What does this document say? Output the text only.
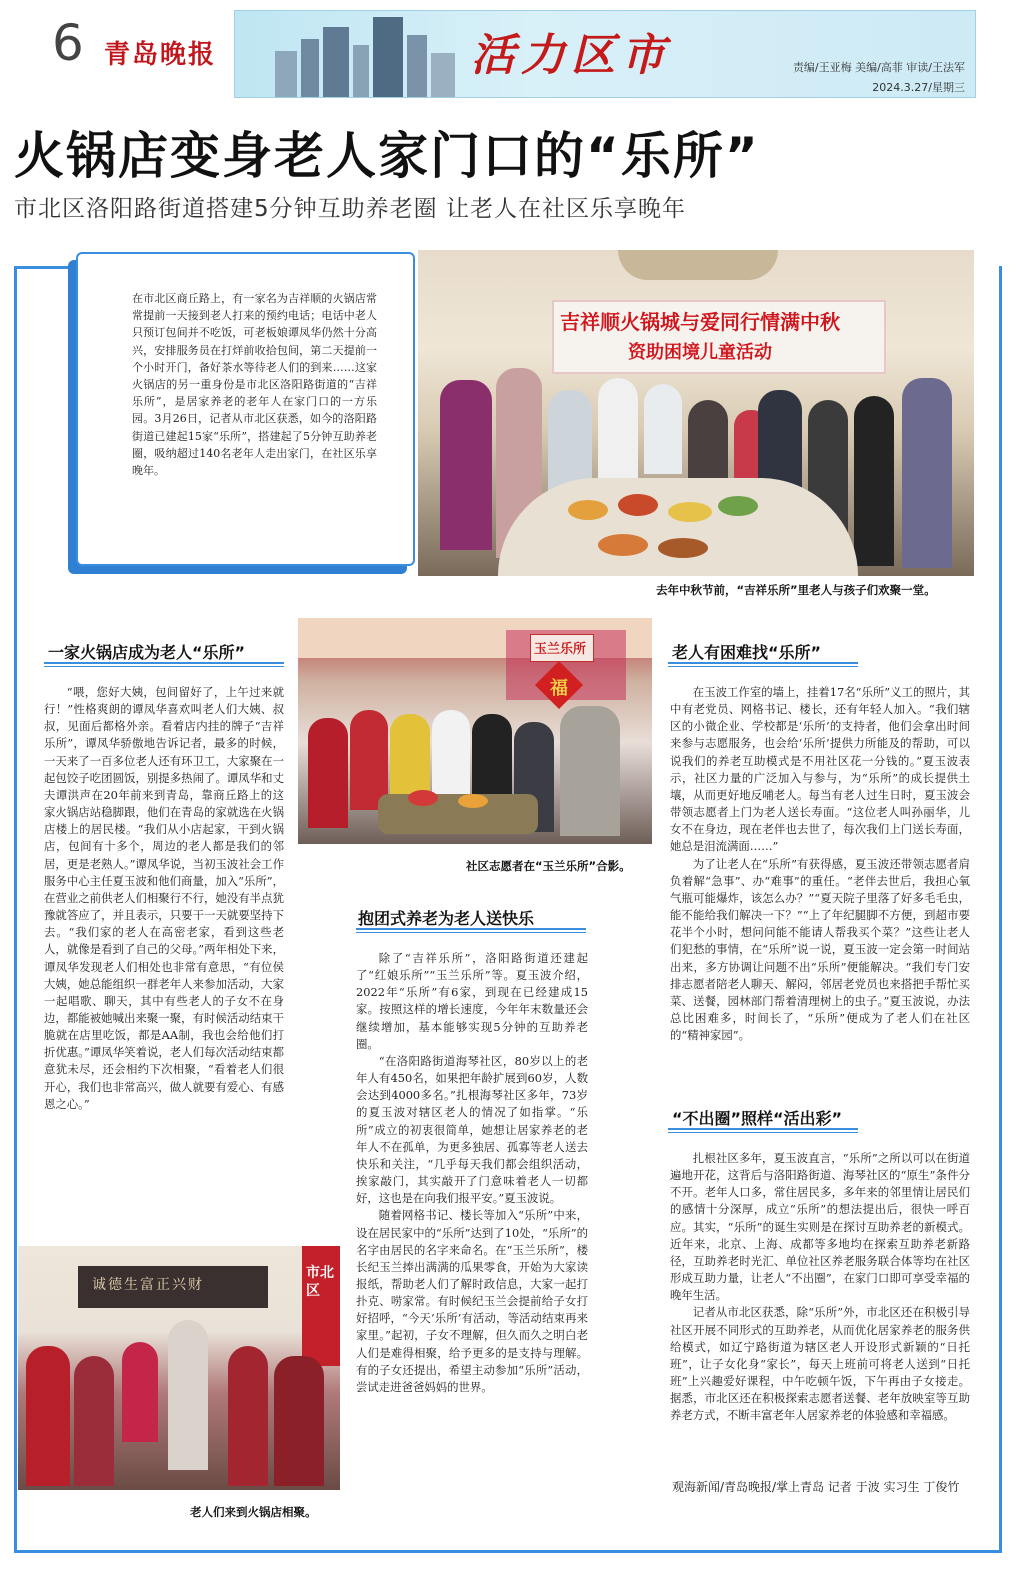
6 青岛晚报	活力区市	责编/王亚梅 美编/高菲 审读/王法军
2024.3.27/星期三
火锅店变身老人家门口的“乐所”
市北区洛阳路街道搭建5分钟互助养老圈 让老人在社区乐享晚年
在市北区商丘路上，有一家名为吉祥顺的火锅店常常提前一天接到老人打来的预约电话；电话中老人只预订包间并不吃饭，可老板娘谭凤华仍然十分高兴，安排服务员在打烊前收拾包间，第二天提前一个小时开门，备好茶水等待老人们的到来……这家火锅店的另一重身份是市北区洛阳路街道的“吉祥乐所”，是居家养老的老年人在家门口的一方乐园。3月26日，记者从市北区获悉，如今的洛阳路街道已建起15家“乐所”，搭建起了5分钟互助养老圈，吸纳超过140名老年人走出家门，在社区乐享晚年。
吉祥顺火锅城与爱同行情满中秋
资助困境儿童活动
去年中秋节前，“吉祥乐所”里老人与孩子们欢聚一堂。
玉兰乐所
福
社区志愿者在“玉兰乐所”合影。
诚德生富正兴财
市北区
老人们来到火锅店相聚。
一家火锅店成为老人“乐所”

“喂，您好大姨，包间留好了，上午过来就行！”性格爽朗的谭凤华喜欢叫老人们大姨、叔叔，见面后都格外亲。看着店内挂的牌子“吉祥乐所”，谭凤华骄傲地告诉记者，最多的时候，一天来了一百多位老人还有环卫工，大家聚在一起包饺子吃团圆饭，别提多热闹了。谭凤华和丈夫谭洪声在20年前来到青岛，靠商丘路上的这家火锅店站稳脚跟，他们在青岛的家就选在火锅店楼上的居民楼。“我们从小店起家，干到火锅店，包间有十多个，周边的老人都是我们的邻居，更是老熟人。”谭凤华说，当初玉波社会工作服务中心主任夏玉波和他们商量，加入“乐所”，在营业之前供老人们相聚行不行，她没有半点犹豫就答应了，并且表示，只要干一天就要坚持下去。“我们家的老人在高密老家，看到这些老人，就像是看到了自己的父母。”两年相处下来，谭凤华发现老人们相处也非常有意思，“有位侯大姨，她总能组织一群老年人来参加活动，大家一起唱歌、聊天，其中有些老人的子女不在身边，都能被她喊出来聚一聚，有时候活动结束干脆就在店里吃饭，都是AA制，我也会给他们打折优惠。”谭凤华笑着说，老人们每次活动结束都意犹未尽，还会相约下次相聚，“看着老人们很开心，我们也非常高兴，做人就要有爱心、有感恩之心。”

抱团式养老为老人送快乐

除了“吉祥乐所”，洛阳路街道还建起了“红娘乐所”“玉兰乐所”等。夏玉波介绍，2022年“乐所”有6家，到现在已经建成15家。按照这样的增长速度，今年年末数量还会继续增加，基本能够实现5分钟的互助养老圈。

“在洛阳路街道海琴社区，80岁以上的老年人有450名，如果把年龄扩展到60岁，人数会达到4000多名。”扎根海琴社区多年，73岁的夏玉波对辖区老人的情况了如指掌。“乐所”成立的初衷很简单，她想让居家养老的老年人不在孤单，为更多独居、孤寡等老人送去快乐和关注，“几乎每天我们都会组织活动，挨家敲门，其实敲开了门意味着老人一切都好，这也是在向我们报平安。”夏玉波说。

随着网格书记、楼长等加入“乐所”中来，设在居民家中的“乐所”达到了10处，“乐所”的名字由居民的名字来命名。在“玉兰乐所”，楼长纪玉兰捧出满满的瓜果零食，开始为大家读报纸，帮助老人们了解时政信息，大家一起打扑克、唠家常。有时候纪玉兰会提前给子女打好招呼，“今天‘乐所’有活动，等活动结束再来家里。”起初，子女不理解，但久而久之明白老人们是难得相聚，给予更多的是支持与理解。有的子女还提出，希望主动参加“乐所”活动，尝试走进爸爸妈妈的世界。

老人有困难找“乐所”

在玉波工作室的墙上，挂着17名“乐所”义工的照片，其中有老党员、网格书记、楼长，还有年轻人加入。“我们辖区的小微企业、学校都是‘乐所’的支持者，他们会拿出时间来参与志愿服务，也会给‘乐所’提供力所能及的帮助，可以说我们的养老互助模式是不用社区花一分钱的。”夏玉波表示，社区力量的广泛加入与参与，为“乐所”的成长提供土壤，从而更好地反哺老人。每当有老人过生日时，夏玉波会带领志愿者上门为老人送长寿面。“这位老人叫孙丽华，儿女不在身边，现在老伴也去世了，每次我们上门送长寿面，她总是泪流满面……”

为了让老人在“乐所”有获得感，夏玉波还带领志愿者肩负着解“急事”、办“难事”的重任。“老伴去世后，我担心氧气瓶可能爆炸，该怎么办？”“夏天院子里落了好多毛毛虫，能不能给我们解决一下？”“上了年纪腿脚不方便，到超市要花半个小时，想问问能不能请人帮我买个菜？”这些让老人们犯愁的事情，在“乐所”说一说，夏玉波一定会第一时间站出来，多方协调让问题不出“乐所”便能解决。“我们专门安排志愿者陪老人聊天、解闷，邻居老党员也来搭把手帮忙买菜、送餐，园林部门帮着清理树上的虫子。”夏玉波说，办法总比困难多，时间长了，“乐所”便成为了老人们在社区的“精神家园”。

“不出圈”照样“活出彩”

扎根社区多年，夏玉波直言，“乐所”之所以可以在街道遍地开花，这背后与洛阳路街道、海琴社区的“原生”条件分不开。老年人口多，常住居民多，多年来的邻里情让居民们的感情十分深厚，成立“乐所”的想法提出后，很快一呼百应。其实，“乐所”的诞生实则是在探讨互助养老的新模式。近年来，北京、上海、成都等多地均在探索互助养老新路径，互助养老时光汇、单位社区养老服务联合体等均在社区形成互助力量，让老人“不出圈”，在家门口即可享受幸福的晚年生活。

记者从市北区获悉，除“乐所”外，市北区还在积极引导社区开展不同形式的互助养老，从而优化居家养老的服务供给模式，如辽宁路街道为辖区老人开设形式新颖的“日托班”，让子女化身“家长”，每天上班前可将老人送到“日托班”上兴趣爱好课程，中午吃顿午饭，下午再由子女接走。据悉，市北区还在积极探索志愿者送餐、老年放映室等互助养老方式，不断丰富老年人居家养老的体验感和幸福感。

观海新闻/青岛晚报/掌上青岛 记者 于波 实习生 丁俊竹
